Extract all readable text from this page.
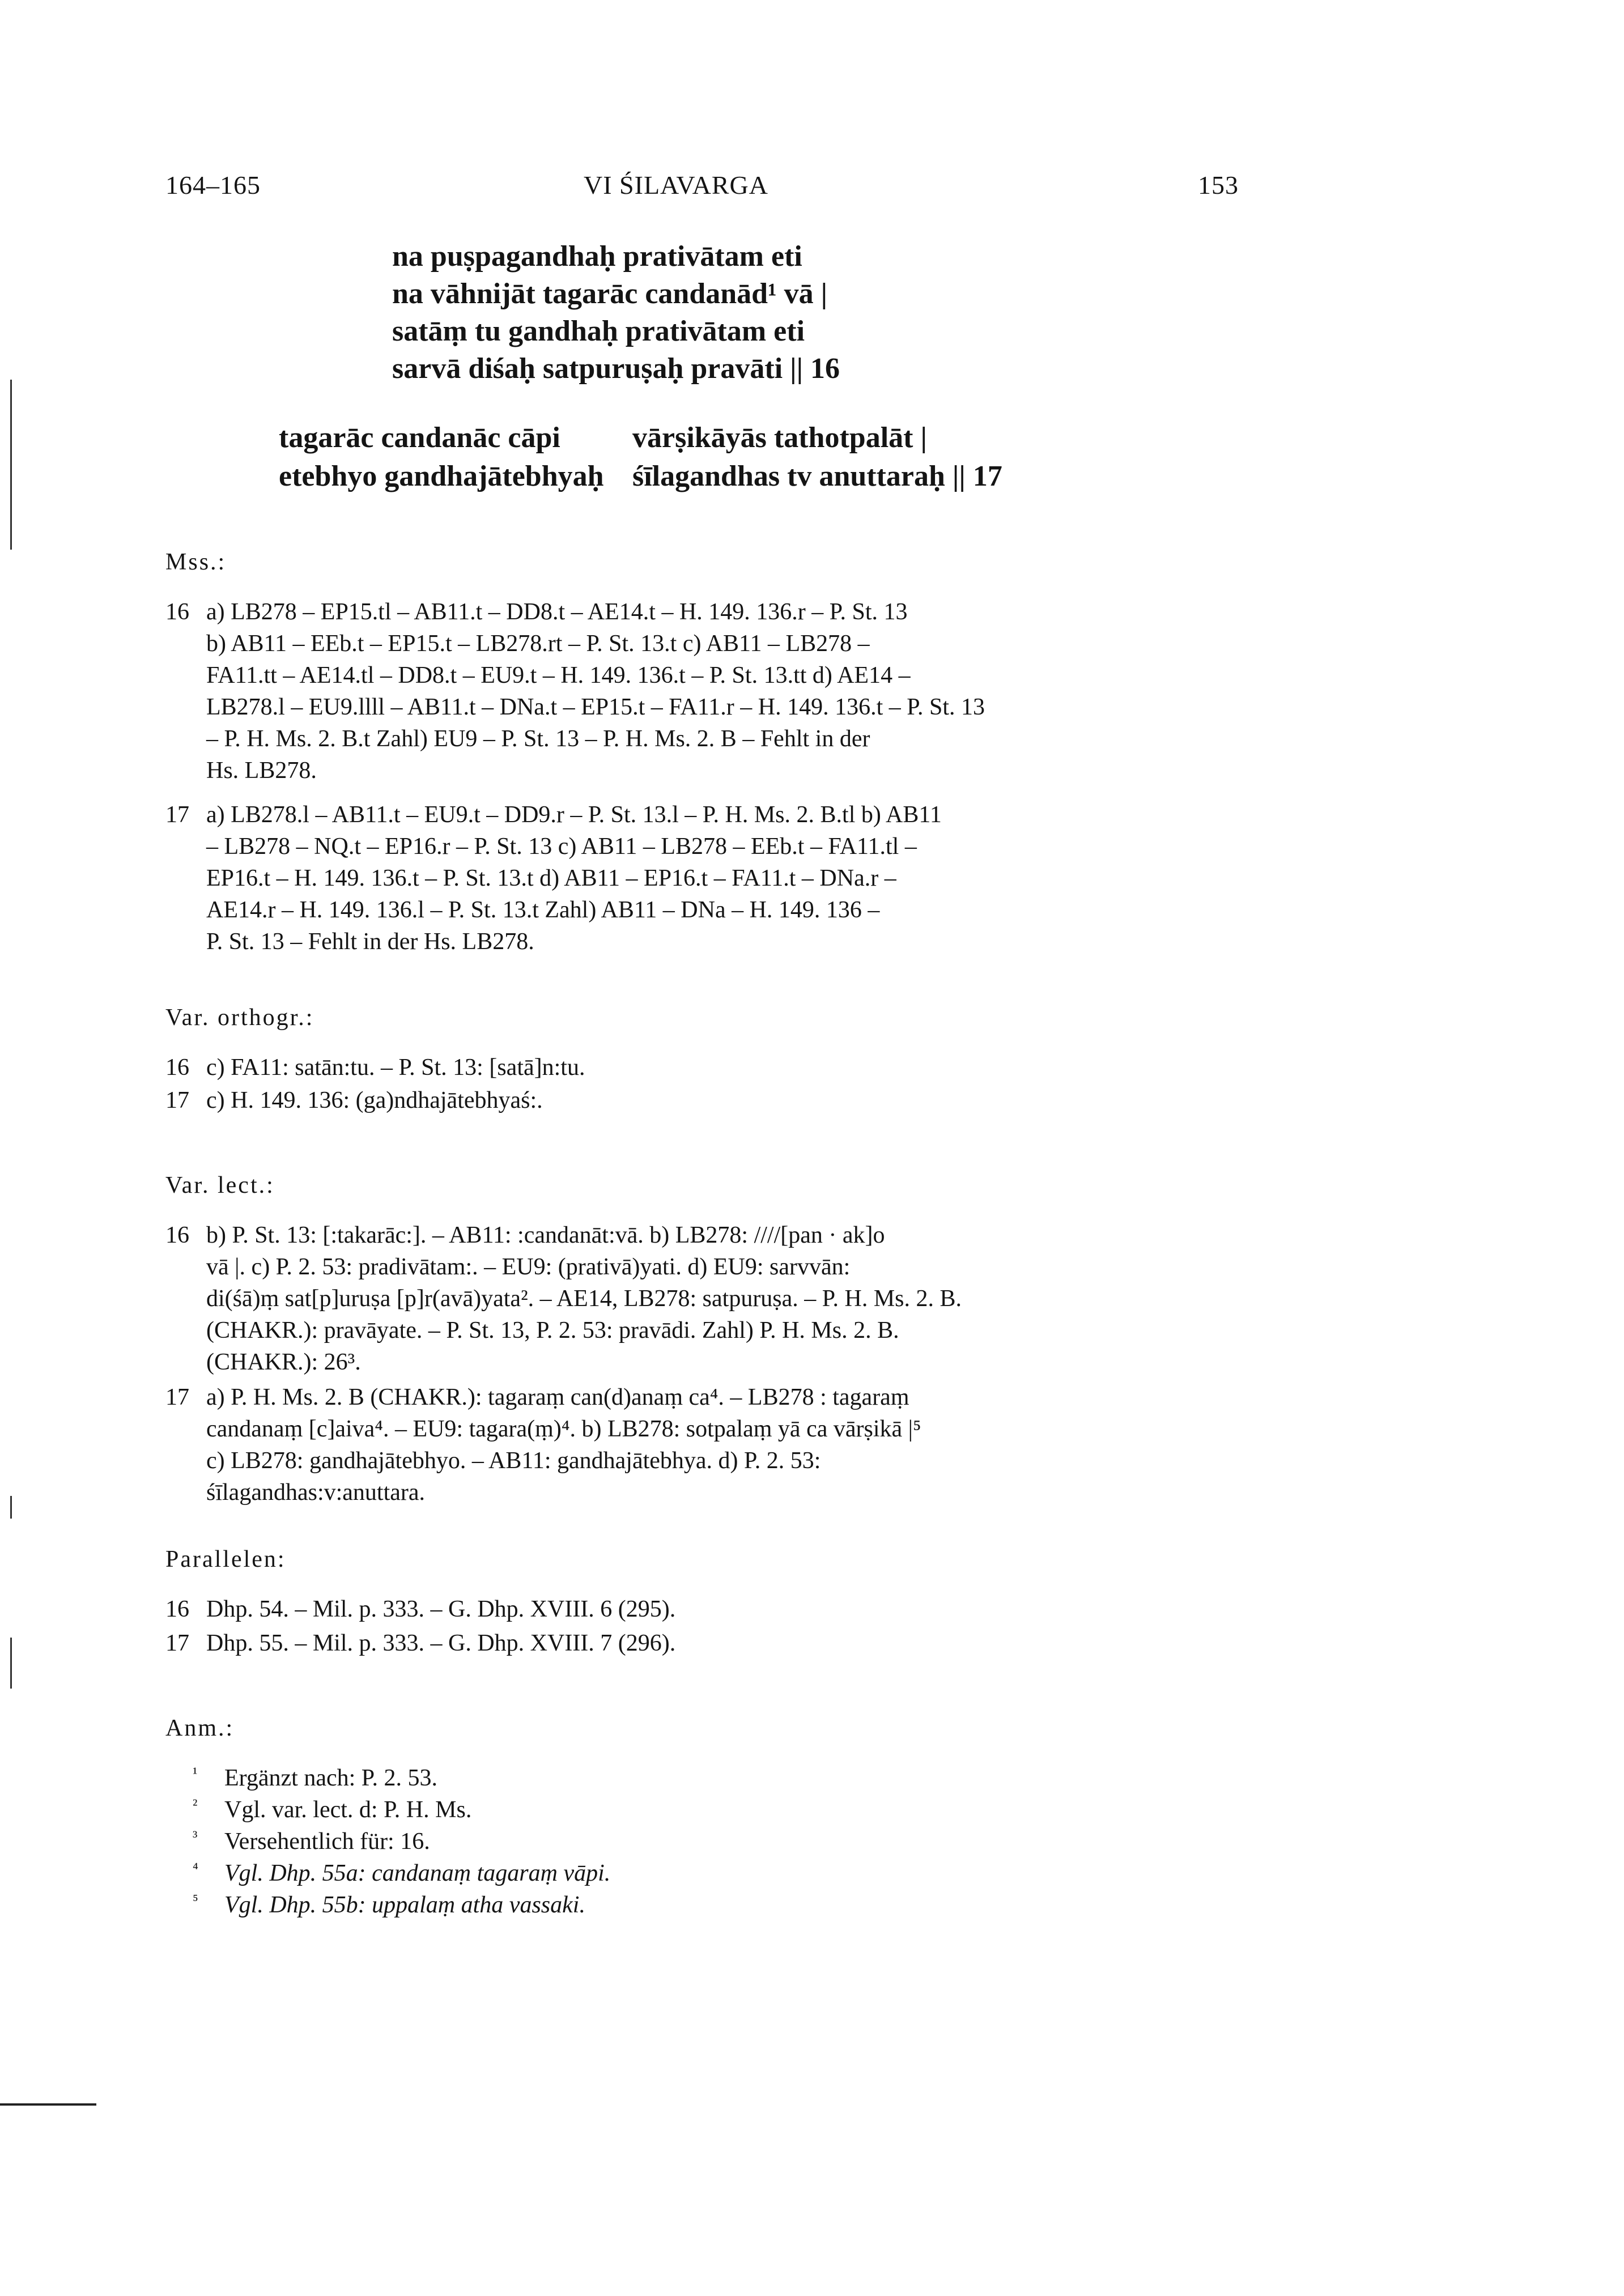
164–165	VI ŚILAVARGA	153
na puṣpagandhaḥ prativātam eti
na vāhnijāt tagarāc candanād¹ vā |
satāṃ tu gandhaḥ prativātam eti
sarvā diśaḥ satpuruṣaḥ pravāti || 16
tagarāc candanāc cāpi vārṣikāyās tathotpalāt |
etebhyo gandhajātebhyaḥ śīlagandhas tv anuttaraḥ || 17
Mss.:
16 a) LB278 – EP15.tl – AB11.t – DD8.t – AE14.t – H. 149. 136.r – P. St. 13
b) AB11 – EEb.t – EP15.t – LB278.rt – P. St. 13.t c) AB11 – LB278 –
FA11.tt – AE14.tl – DD8.t – EU9.t – H. 149. 136.t – P. St. 13.tt d) AE14 –
LB278.l – EU9.llll – AB11.t – DNa.t – EP15.t – FA11.r – H. 149. 136.t – P. St. 13
– P. H. Ms. 2. B.t Zahl) EU9 – P. St. 13 – P. H. Ms. 2. B – Fehlt in der
Hs. LB278.
17 a) LB278.l – AB11.t – EU9.t – DD9.r – P. St. 13.l – P. H. Ms. 2. B.tl b) AB11
– LB278 – NQ.t – EP16.r – P. St. 13 c) AB11 – LB278 – EEb.t – FA11.tl –
EP16.t – H. 149. 136.t – P. St. 13.t d) AB11 – EP16.t – FA11.t – DNa.r –
AE14.r – H. 149. 136.l – P. St. 13.t Zahl) AB11 – DNa – H. 149. 136 –
P. St. 13 – Fehlt in der Hs. LB278.
Var. orthogr.:
16 c) FA11: satān:tu. – P. St. 13: [satā]n:tu.
17 c) H. 149. 136: (ga)ndhajātebhyaś:.
Var. lect.:
16 b) P. St. 13: [:takarāc:]. – AB11: :candanāt:vā. b) LB278: ////[pan · ak]o
vā |. c) P. 2. 53: pradivātam:. – EU9: (prativā)yati. d) EU9: sarvvān:
di(śā)ṃ sat[p]uruṣa [p]r(avā)yata². – AE14, LB278: satpuruṣa. – P. H. Ms. 2. B.
(CHAKR.): pravāyate. – P. St. 13, P. 2. 53: pravādi. Zahl) P. H. Ms. 2. B.
(CHAKR.): 26³.
17 a) P. H. Ms. 2. B (CHAKR.): tagaraṃ can(d)anaṃ ca⁴. – LB278 : tagaraṃ
candanaṃ [c]aiva⁴. – EU9: tagara(ṃ)⁴. b) LB278: sotpalaṃ yā ca vārṣikā |⁵
c) LB278: gandhajātebhyo. – AB11: gandhajātebhya. d) P. 2. 53:
śīlagandhas:v:anuttara.
Parallelen:
16 Dhp. 54. – Mil. p. 333. – G. Dhp. XVIII. 6 (295).
17 Dhp. 55. – Mil. p. 333. – G. Dhp. XVIII. 7 (296).
Anm.:
¹ Ergänzt nach: P. 2. 53.
² Vgl. var. lect. d: P. H. Ms.
³ Versehentlich für: 16.
⁴ Vgl. Dhp. 55a: candanaṃ tagaraṃ vāpi.
⁵ Vgl. Dhp. 55b: uppalaṃ atha vassaki.
